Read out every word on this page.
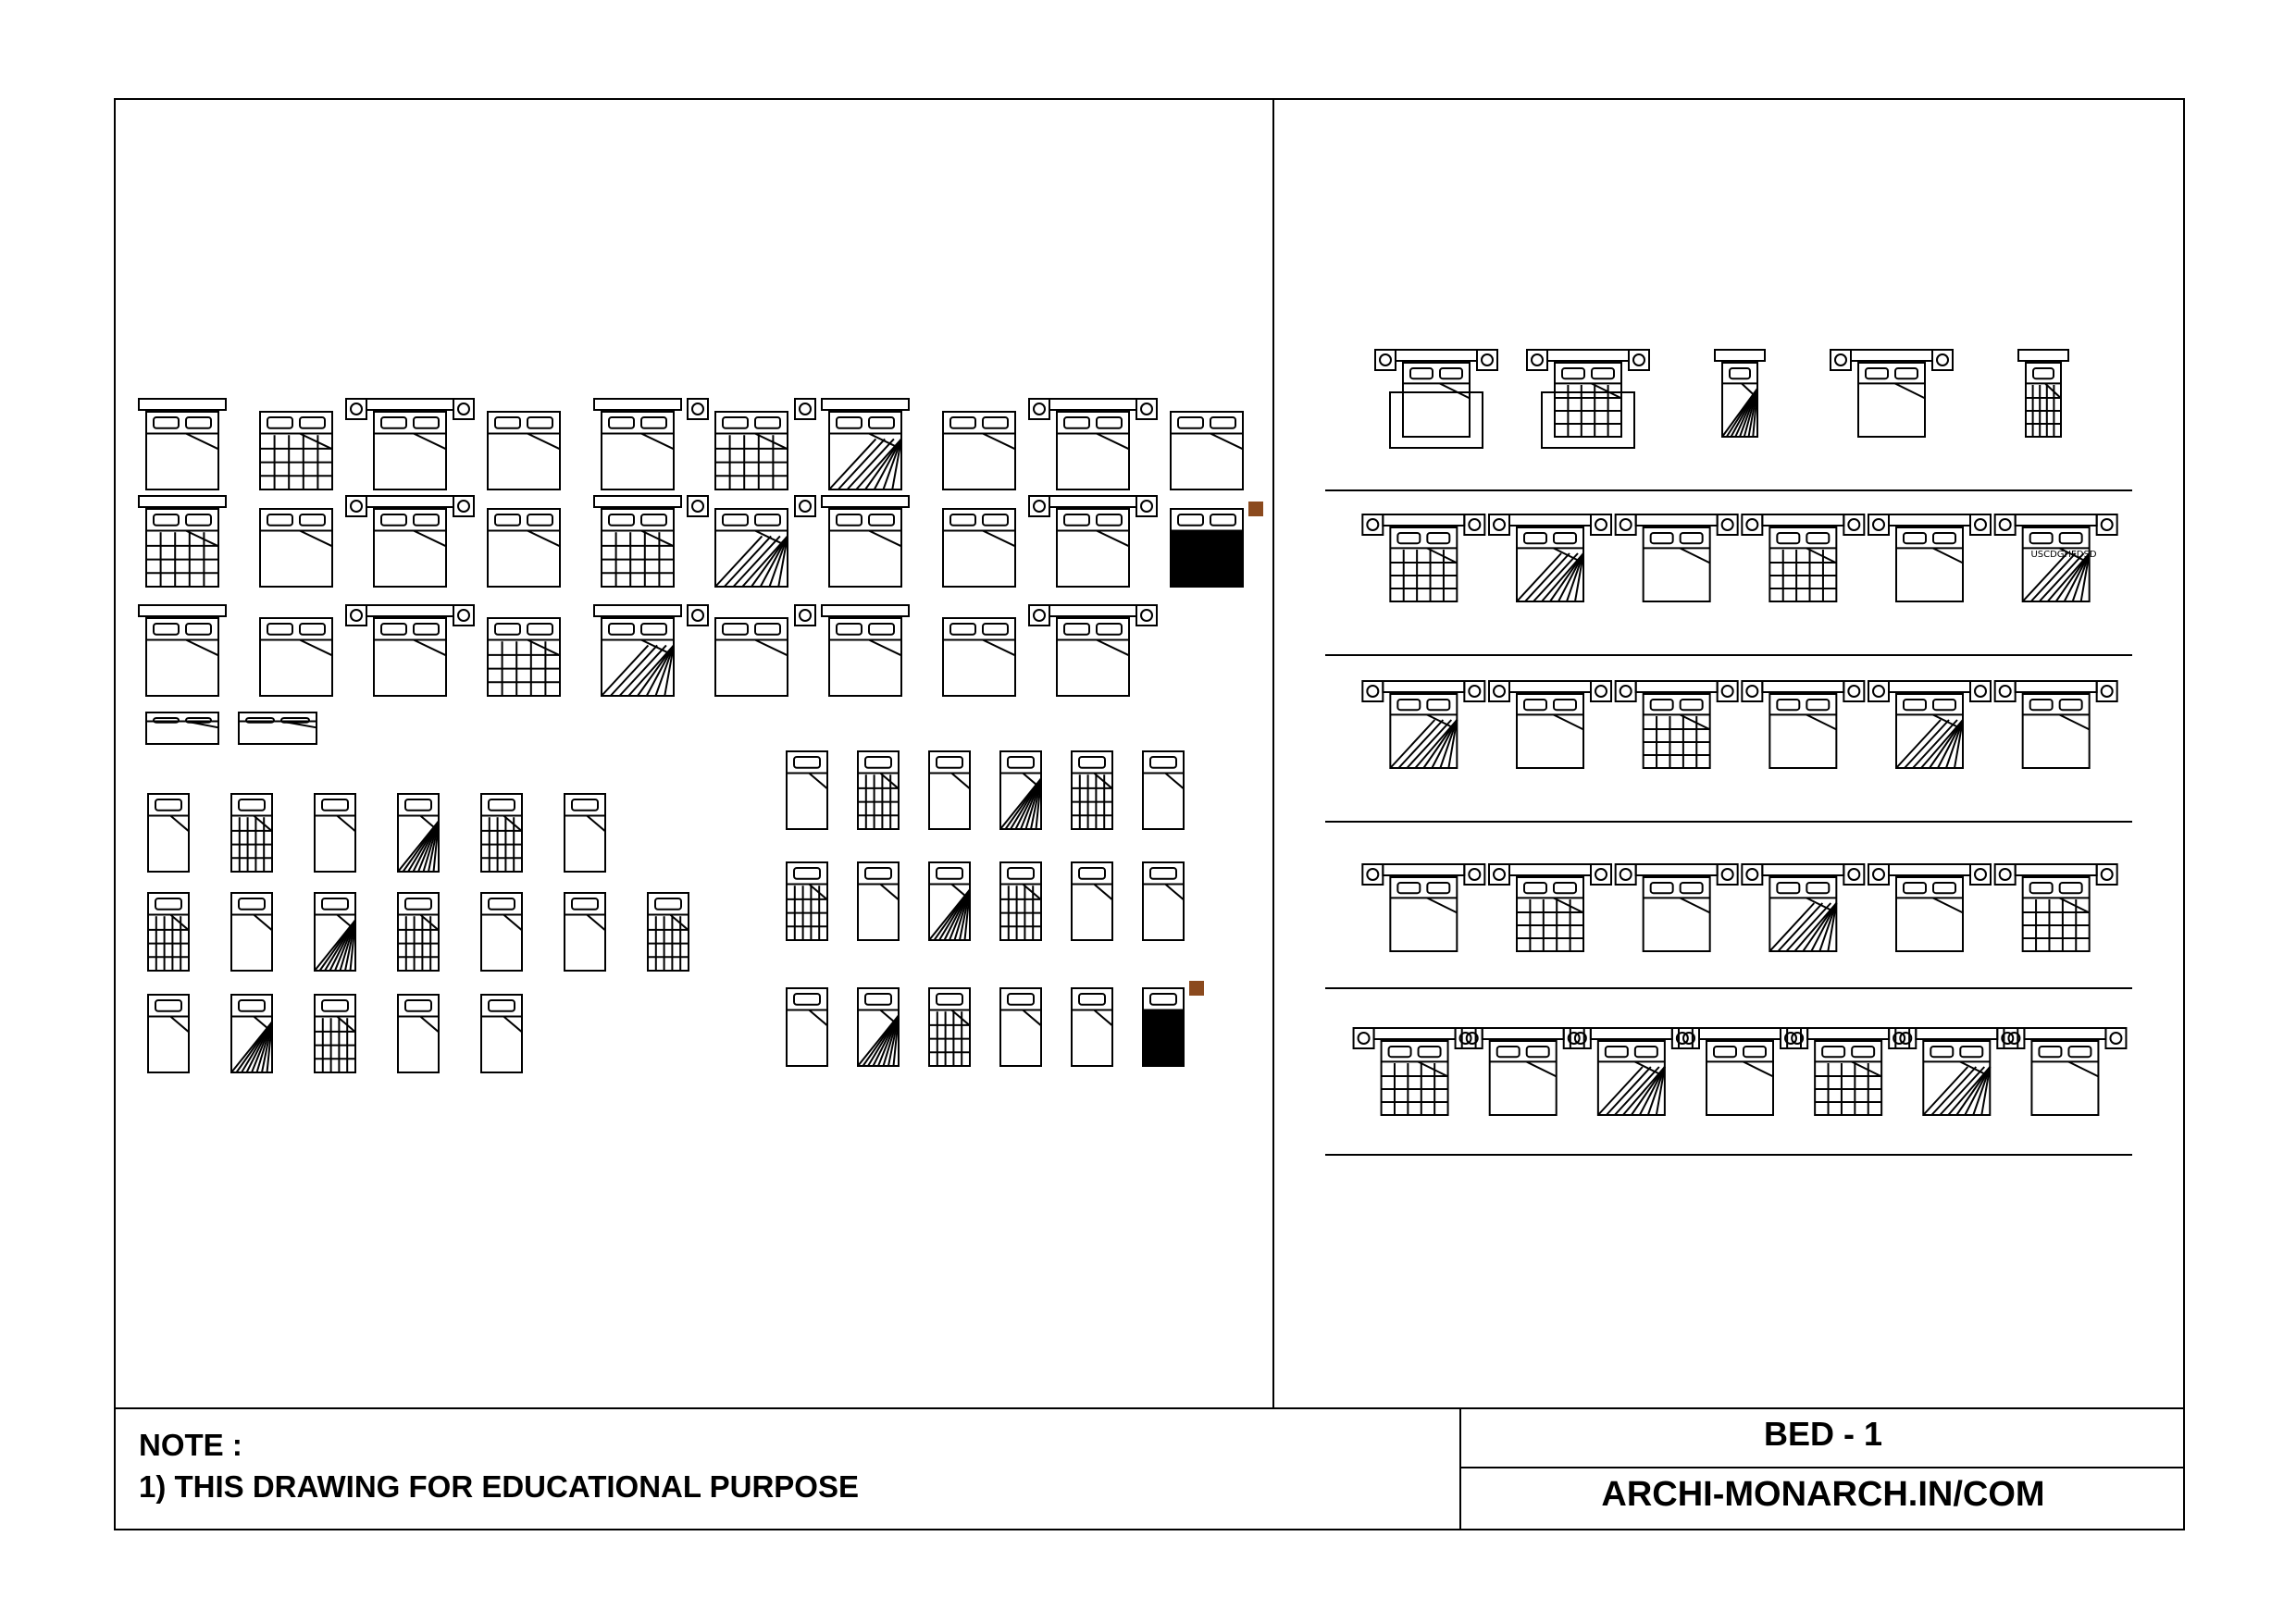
USCDGHFDSD
NOTE :
1) THIS DRAWING FOR EDUCATIONAL PURPOSE
BED - 1
ARCHI-MONARCH.IN/COM
